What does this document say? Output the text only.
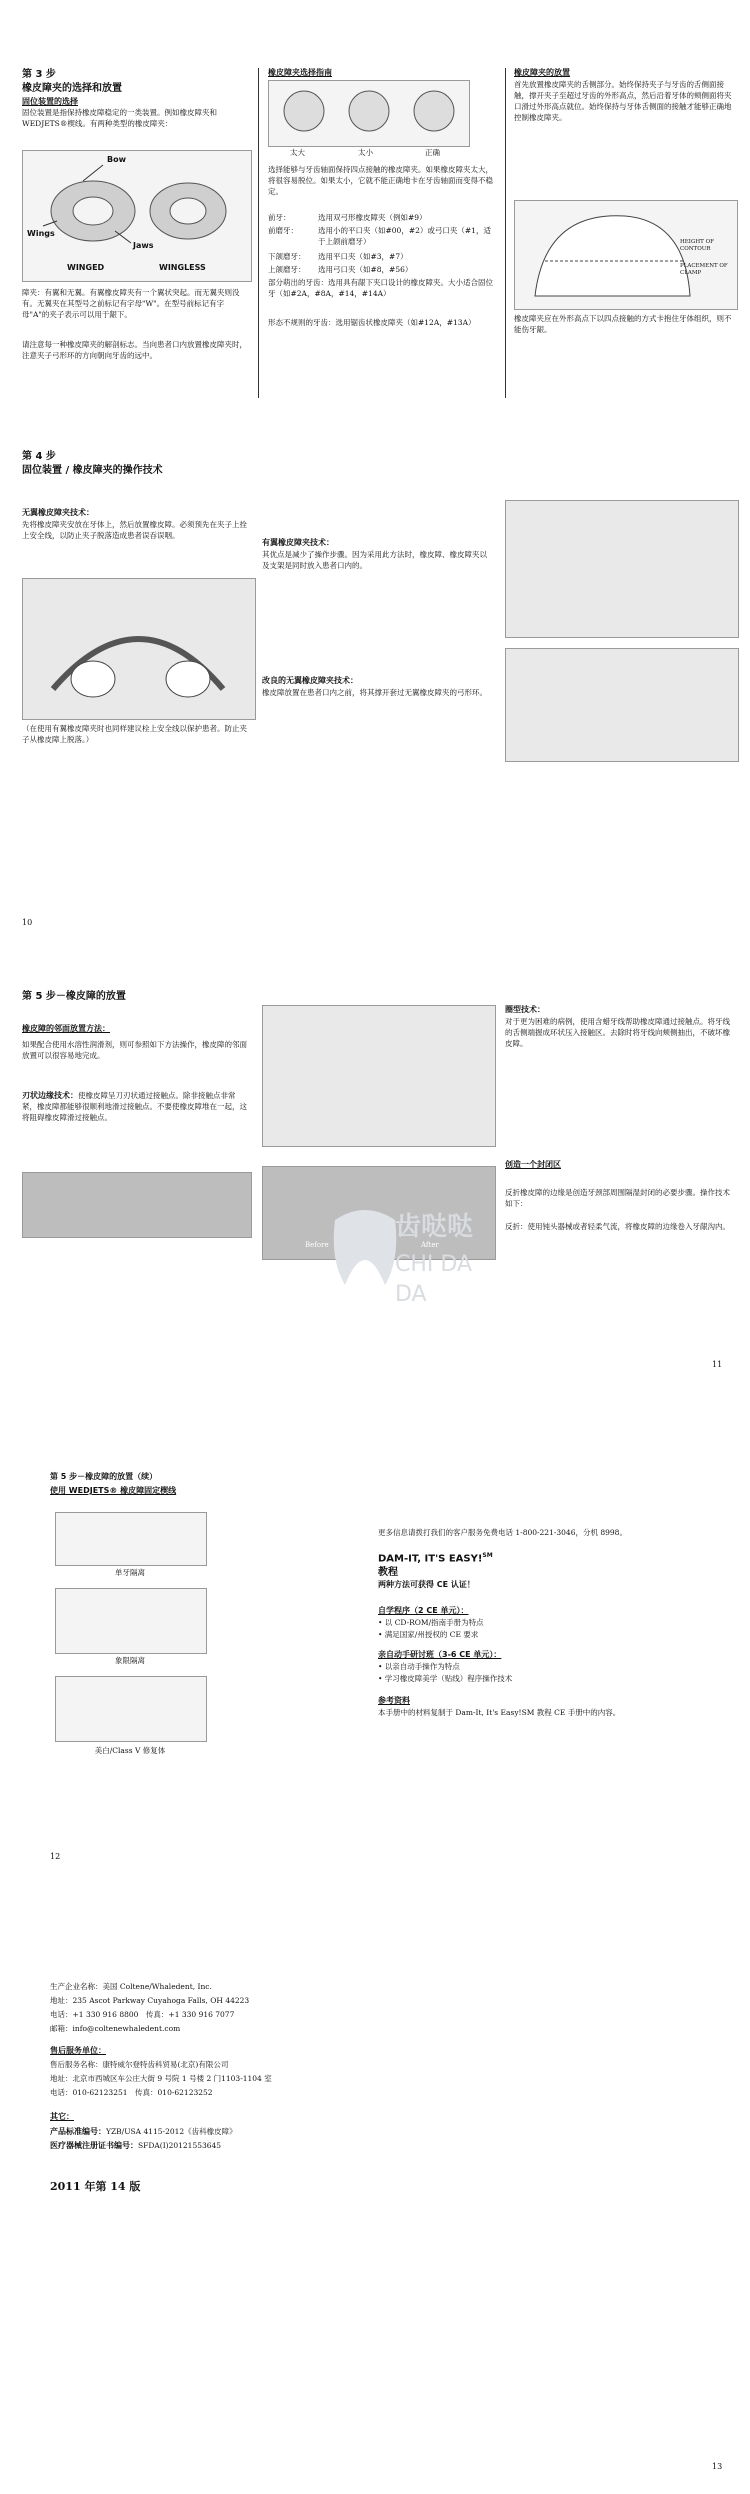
第 3 步
橡皮障夹的选择和放置
固位装置的选择
固位装置是指保持橡皮障稳定的一类装置。例如橡皮障夹和WEDJETS®楔线。有两种类型的橡皮障夹：
Bow
Jaws
Wings
WINGED	WINGLESS
障夹：有翼和无翼。有翼橡皮障夹有一个翼状突起。而无翼夹则没有。无翼夹在其型号之前标记有字母"W"。在型号前标记有字母"A"的夹子表示可以用于龈下。
请注意每一种橡皮障夹的解剖标志。当向患者口内放置橡皮障夹时，注意夹子弓形环的方向朝向牙齿的远中。
橡皮障夹选择指南
太大	太小	正确
选择能够与牙齿轴面保持四点接触的橡皮障夹。如果橡皮障夹太大，将很容易脱位。如果太小，它就不能正确地卡在牙齿轴面而变得不稳定。
前牙：	选用双弓形橡皮障夹（例如#9）
前磨牙：	选用小的平口夹（如#00，#2）或弓口夹（#1，适于上颌前磨牙）
下颌磨牙：	选用平口夹（如#3，#7）
上颌磨牙：	选用弓口夹（如#8，#56）
部分萌出的牙齿：选用具有龈下夹口设计的橡皮障夹。大小适合固位牙（如#2A，#8A，#14，#14A）
形态不规则的牙齿：选用锯齿状橡皮障夹（如#12A，#13A）
橡皮障夹的放置
首先放置橡皮障夹的舌侧部分。始终保持夹子与牙齿的舌侧面接触，撑开夹子至超过牙齿的外形高点，然后沿着牙体的颊侧面将夹口滑过外形高点就位。始终保持与牙体舌侧面的接触才能够正确地控制橡皮障夹。
HEIGHT OF CONTOUR
PLACEMENT OF CLAMP
橡皮障夹应在外形高点下以四点接触的方式卡抱住牙体组织，则不能伤牙龈。
第 4 步
固位装置 / 橡皮障夹的操作技术
无翼橡皮障夹技术：
先将橡皮障夹安放在牙体上，然后放置橡皮障。必须预先在夹子上拴上安全线，以防止夹子脱落造成患者误吞误咽。
（在使用有翼橡皮障夹时也同样建议栓上安全线以保护患者。防止夹子从橡皮障上脱落。）
有翼橡皮障夹技术：
其优点是减少了操作步骤。因为采用此方法时，橡皮障、橡皮障夹以及支架是同时放入患者口内的。
改良的无翼橡皮障夹技术：
橡皮障放置在患者口内之前，将其撑开套过无翼橡皮障夹的弓形环。
10
第 5 步－橡皮障的放置
橡皮障的邻面放置方法：
如果配合使用水溶性润滑剂，则可参照如下方法操作，橡皮障的邻面放置可以很容易地完成。
刃状边缘技术：使橡皮障呈刀刃状通过接触点。除非接触点非常紧，橡皮障都能够很顺利地滑过接触点。不要使橡皮障堆在一起，这将阻碍橡皮障滑过接触点。
圈型技术：
对于更为困难的病例，使用含蜡牙线帮助橡皮障通过接触点。将牙线的舌侧端握成环状压入接触区。去除时将牙线向颊侧抽出，不破坏橡皮障。
创造一个封闭区
反折橡皮障的边缘是创造牙颈部周围隔湿封闭的必要步骤。操作技术如下：
反折：使用钝头器械或者轻柔气流，将橡皮障的边缘卷入牙龈沟内。
Before	After
齿哒哒
CHI DA DA
11
第 5 步－橡皮障的放置（续）
使用 WEDJETS® 橡皮障固定楔线
单牙隔离
象限隔离
美白/Class V 修复体
更多信息请拨打我们的客户服务免费电话 1-800-221-3046，分机 8998。
DAM-IT, IT'S EASY!℠
教程
两种方法可获得 CE 认证！
自学程序（2 CE 单元）：
• 以 CD-ROM/指南手册为特点
• 满足国家/州授权的 CE 要求
亲自动手研讨班（3-6 CE 单元）：
• 以亲自动手操作为特点
• 学习橡皮障美学（贴线）程序操作技术
参考资料
本手册中的材料复制于 Dam-It, It's Easy!SM 教程 CE 手册中的内容。
12
生产企业名称：美国 Coltene/Whaledent, Inc.
地址：235 Ascot Parkway Cuyahoga Falls, OH 44223
电话：+1 330 916 8800　传真：+1 330 916 7077
邮箱：info@coltenewhaledent.com
售后服务单位：
售后服务名称：康特威尔登特齿科贸易(北京)有限公司
地址：北京市西城区车公庄大街 9 号院 1 号楼 2 门1103-1104 室
电话：010-62123251　传真：010-62123252
其它：
产品标准编号：YZB/USA 4115-2012《齿科橡皮障》
医疗器械注册证书编号：SFDA(I)20121553645
2011 年第 14 版
13
